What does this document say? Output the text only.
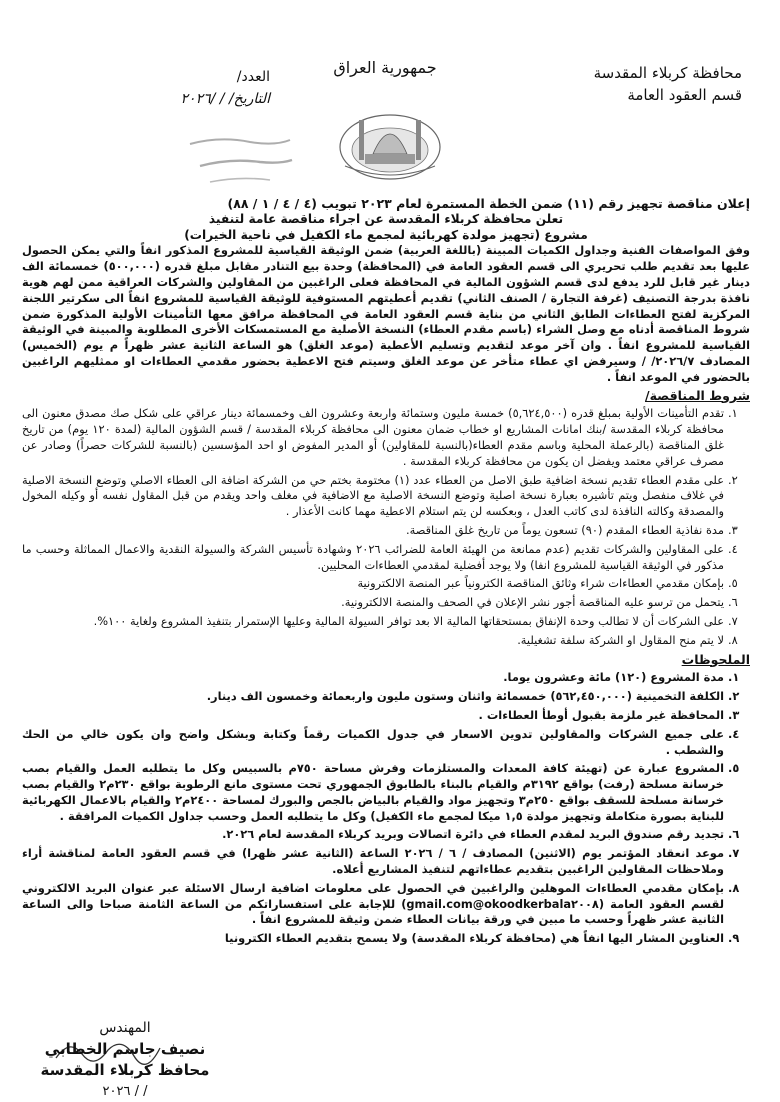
محافظة كربلاء المقدسة
قسم العقود العامة
جمهورية العراق
العدد/
التاريخ/ / /٢٠٢٦

إعلان مناقصة تجهيز رقم (١١) ضمن الخطة المستمرة لعام ٢٠٢٣ تبويب (٤ / ٤ / ١ / ٨٨)

تعلن محافظة كربلاء المقدسة عن اجراء مناقصة عامة لتنفيذ

مشروع (تجهيز مولدة كهربائية لمجمع ماء الكفيل في ناحية الخيرات)

وفق المواصفات الفنية وجداول الكميات المبينة (باللغة العربية) ضمن الوثيقة القياسية للمشروع المذكور انفاً والتي يمكن الحصول عليها بعد تقديم طلب تحريري الى قسم العقود العامة في (المحافظة) وحدة بيع التنادر مقابل مبلغ قدره (٥٠٠,٠٠٠) خمسمائة الف دينار غير قابل للرد يدفع لدى قسم الشؤون المالية في المحافظة فعلى الراغبين من المقاولين والشركات العراقية ممن لهم هوية نافذة بدرجة التصنيف (غرفة التجارة / الصنف الثاني) تقديم أعطيتهم المستوفية للوثيقة القياسية للمشروع انفاً الى سكرتير اللجنة المركزية لفتح العطاءات الطابق الثاني من بناية قسم العقود العامة في المحافظة مرافق معها التأمينات الأولية المذكورة ضمن شروط المناقصة أدناه مع وصل الشراء (باسم مقدم العطاء) النسخة الأصلية مع المستمسكات الأخرى المطلوبة والمبينة في الوثيقة القياسية للمشروع انفاً . وان آخر موعد لتقديم وتسليم الأعطية (موعد الغلق) هو الساعة الثانية عشر ظهراً م يوم (الخميس) المصادف ٢٠٢٦/٧/ / وسيرفض اي عطاء متأخر عن موعد الغلق وسيتم فتح الاعطية بحضور مقدمي العطاءات او ممثليهم الراغبين بالحضور في الموعد انفاً .

شروط المناقصة/
١.
تقدم التأمينات الأولية بمبلغ قدره (٥,٦٢٤,٥٠٠) خمسة مليون وستمائة واربعة وعشرون الف وخمسمائة دينار عراقي على شكل صك مصدق معنون الى محافظة كربلاء المقدسة /بنك امانات المشاريع او خطاب ضمان معنون الى محافظة كربلاء المقدسة / قسم الشؤون المالية (لمدة ١٢٠ يوم) من تاريخ غلق المناقصة (بالرعملة المحلية وباسم مقدم العطاء(بالنسبة للمقاولين) أو المدير المفوض او احد المؤسسين (بالنسبة للشركات حصراً) وصادر عن مصرف عراقي معتمد ويفضل ان يكون من محافظة كربلاء المقدسة .
٢.
على مقدم العطاء تقديم نسخة اضافية طبق الاصل من العطاء عدد (١) مختومة بختم حي من الشركة اضافة الى العطاء الاصلي وتوضع النسخة الاصلية في غلاف منفصل ويتم تأشيره بعبارة نسخة اصلية وتوضع النسخة الاصلية مع الاضافية في مغلف واحد ويقدم من قبل المقاول نفسه أو وكيله المخول والمصدقة وكالته النافذة لدى كاتب العدل ، وبعكسه لن يتم استلام الاعطية مهما كانت الأعذار .
٣.
مدة نفاذية العطاء المقدم (٩٠) تسعون يوماً من تاريخ غلق المناقصة.
٤.
على المقاولين والشركات تقديم (عدم ممانعة من الهيئة العامة للضرائب ٢٠٢٦ وشهادة تأسيس الشركة والسيولة النقدية والاعمال المماثلة وحسب ما مذكور في الوثيقة القياسية للمشروع انفا) ولا يوجد أفضلية لمقدمي العطاءات المحليين.
٥.
بإمكان مقدمي العطاءات شراء وثائق المناقصة الكترونياً عبر المنصة الالكترونية
٦.
يتحمل من ترسو عليه المناقصة أجور نشر الإعلان في الصحف والمنصة الالكترونية.
٧.
على الشركات أن لا تطالب وحدة الإنفاق بمستحقاتها المالية الا بعد توافر السيولة المالية وعليها الإستمرار بتنفيذ المشروع ولغاية ١٠٠%.
٨.
لا يتم منح المقاول او الشركة سلفة تشغيلية.
الملحوظات
١.
مدة المشروع (١٢٠) مائة وعشرون يوما.
٢.
الكلفة التخمينية (٥٦٢,٤٥٠,٠٠٠) خمسمائة واثنان وستون مليون واربعمائة وخمسون الف دينار.
٣.
المحافظة غير ملزمة بقبول أوطأ العطاءات .
٤.
على جميع الشركات والمقاولين تدوين الاسعار في جدول الكميات رقماً وكتابة وبشكل واضح وان يكون خالي من الحك والشطب .
٥.
المشروع عبارة عن (تهيئة كافة المعدات والمستلزمات وفرش مساحة ٧٥٠م بالسبيس وكل ما يتطلبه العمل والقيام بصب خرسانة مسلحة (رفت) بواقع ٣١٩٢م والقيام بالبناء بالطابوق الجمهوري تحت مستوى مانع الرطوبة بواقع ٢٣٠م٢ والقيام بصب خرسانة مسلحة للسقف بواقع ٢٥٠م٣ وتجهيز مواد والقيام بالبياض بالجص والبورك لمساحة ٢٤٠٠م٢ والقيام بالاعمال الكهربائية للبناية بصورة متكاملة وتجهيز مولدة ١,٥ ميكا لمجمع ماء الكفيل) وكل ما يتطلبه العمل وحسب جداول الكميات المرافقة .
٦.
تجديد رقم صندوق البريد لمقدم العطاء في دائرة اتصالات وبريد كربلاء المقدسة لعام ٢٠٢٦.
٧.
موعد انعقاد المؤتمر يوم (الاثنين) المصادف / ٦ / ٢٠٢٦ الساعة (الثانية عشر ظهرا) في قسم العقود العامة لمناقشة أراء وملاحظات المقاولين الراغبين بتقديم عطاءاتهم لتنفيذ المشاريع أعلاه.
٨.
بإمكان مقدمي العطاءات الموهلين والراغبين في الحصول على معلومات اضافية ارسال الاسئلة عبر عنوان البريد الالكتروني لقسم العقود العامة (okoodkerbala٢٠٠٨@gmail.com) للإجابة على استفساراتكم من الساعة الثامنة صباحا والى الساعة الثانية عشر ظهراً وحسب ما مبين في ورقة بيانات العطاء ضمن وثيقة للمشروع انفاً .
٩.
العناوين المشار اليها انفاً هي (محافظة كربلاء المقدسة) ولا يسمح بتقديم العطاء الكترونيا
المهندس
نصيف جاسم الخطابي
محافظ كربلاء المقدسة
/ / ٢٠٢٦
